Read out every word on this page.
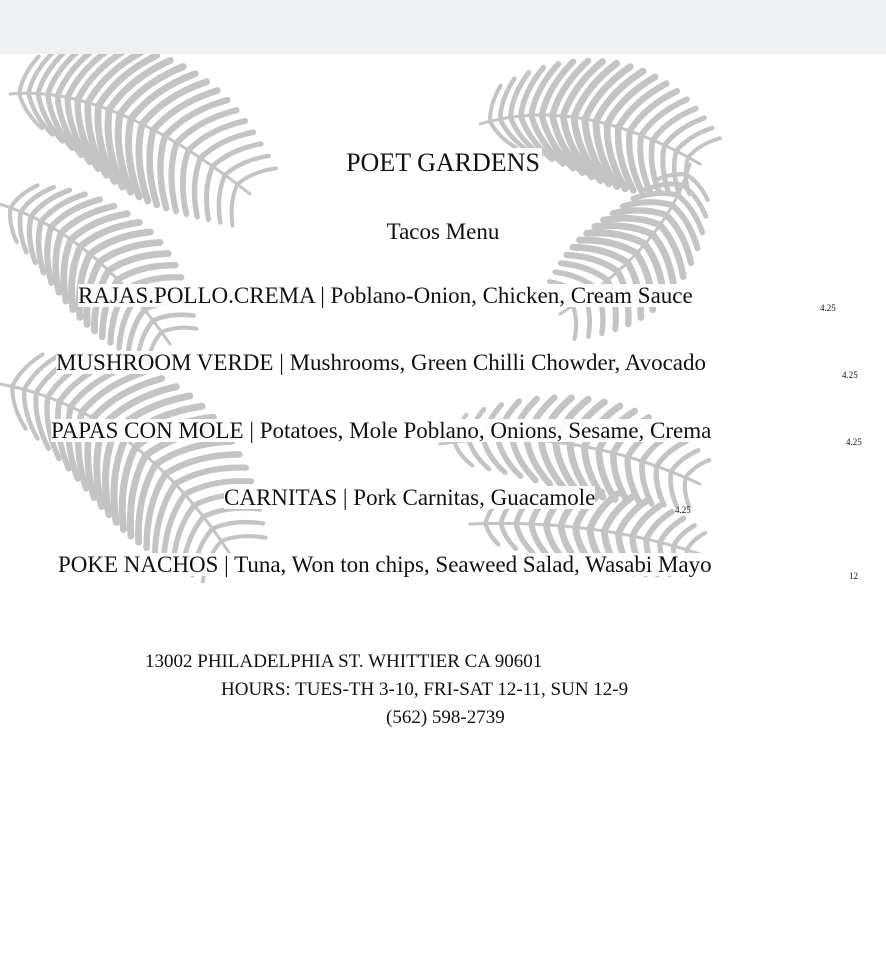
POET GARDENS
Tacos Menu
RAJAS.POLLO.CREMA | Poblano-Onion, Chicken, Cream Sauce	4.25
MUSHROOM VERDE | Mushrooms, Green Chilli Chowder, Avocado	4.25
PAPAS CON MOLE | Potatoes, Mole Poblano, Onions, Sesame, Crema	4.25
CARNITAS | Pork Carnitas, Guacamole	4.25
POKE NACHOS | Tuna, Won ton chips, Seaweed Salad, Wasabi Mayo	12
13002 PHILADELPHIA ST. WHITTIER CA 90601
HOURS: TUES-TH 3-10, FRI-SAT 12-11, SUN 12-9
(562) 598-2739
